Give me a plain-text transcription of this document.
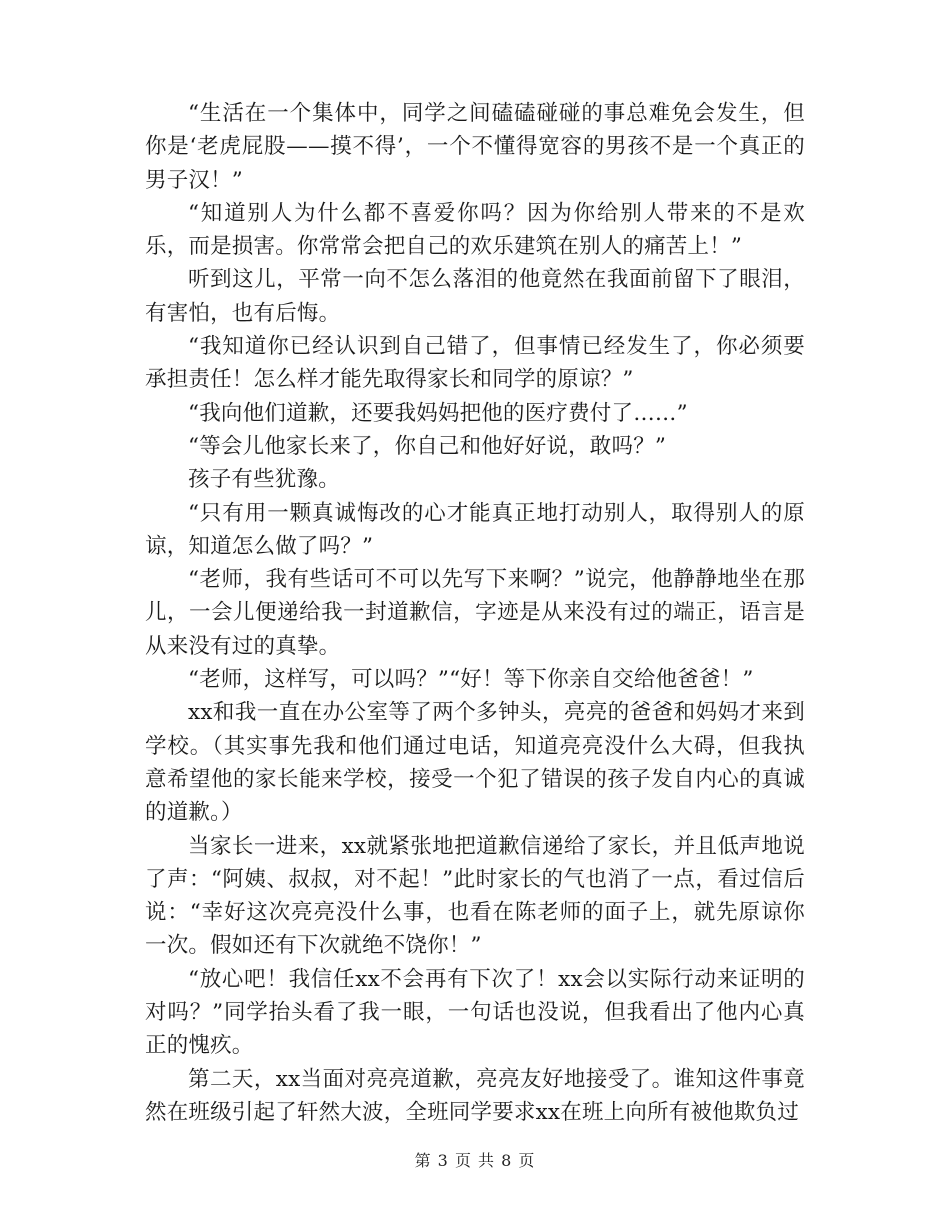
“生活在一个集体中，同学之间磕磕碰碰的事总难免会发生，但你是‘老虎屁股——摸不得’，一个不懂得宽容的男孩不是一个真正的男子汉！”

“知道别人为什么都不喜爱你吗？因为你给别人带来的不是欢乐，而是损害。你常常会把自己的欢乐建筑在别人的痛苦上！”

听到这儿，平常一向不怎么落泪的他竟然在我面前留下了眼泪，有害怕，也有后悔。

“我知道你已经认识到自己错了，但事情已经发生了，你必须要承担责任！怎么样才能先取得家长和同学的原谅？”

“我向他们道歉，还要我妈妈把他的医疗费付了……”

“等会儿他家长来了，你自己和他好好说，敢吗？”

孩子有些犹豫。

“只有用一颗真诚悔改的心才能真正地打动别人，取得别人的原谅，知道怎么做了吗？”

“老师，我有些话可不可以先写下来啊？”说完，他静静地坐在那儿，一会儿便递给我一封道歉信，字迹是从来没有过的端正，语言是从来没有过的真挚。

“老师，这样写，可以吗？”“好！等下你亲自交给他爸爸！”

xx和我一直在办公室等了两个多钟头，亮亮的爸爸和妈妈才来到学校。（其实事先我和他们通过电话，知道亮亮没什么大碍，但我执意希望他的家长能来学校，接受一个犯了错误的孩子发自内心的真诚的道歉。）

当家长一进来，xx就紧张地把道歉信递给了家长，并且低声地说了声：“阿姨、叔叔，对不起！”此时家长的气也消了一点，看过信后说：“幸好这次亮亮没什么事，也看在陈老师的面子上，就先原谅你一次。假如还有下次就绝不饶你！”

“放心吧！我信任xx不会再有下次了！xx会以实际行动来证明的对吗？”同学抬头看了我一眼，一句话也没说，但我看出了他内心真正的愧疚。

第二天，xx当面对亮亮道歉，亮亮友好地接受了。谁知这件事竟然在班级引起了轩然大波，全班同学要求xx在班上向所有被他欺负过

第 3 页 共 8 页
